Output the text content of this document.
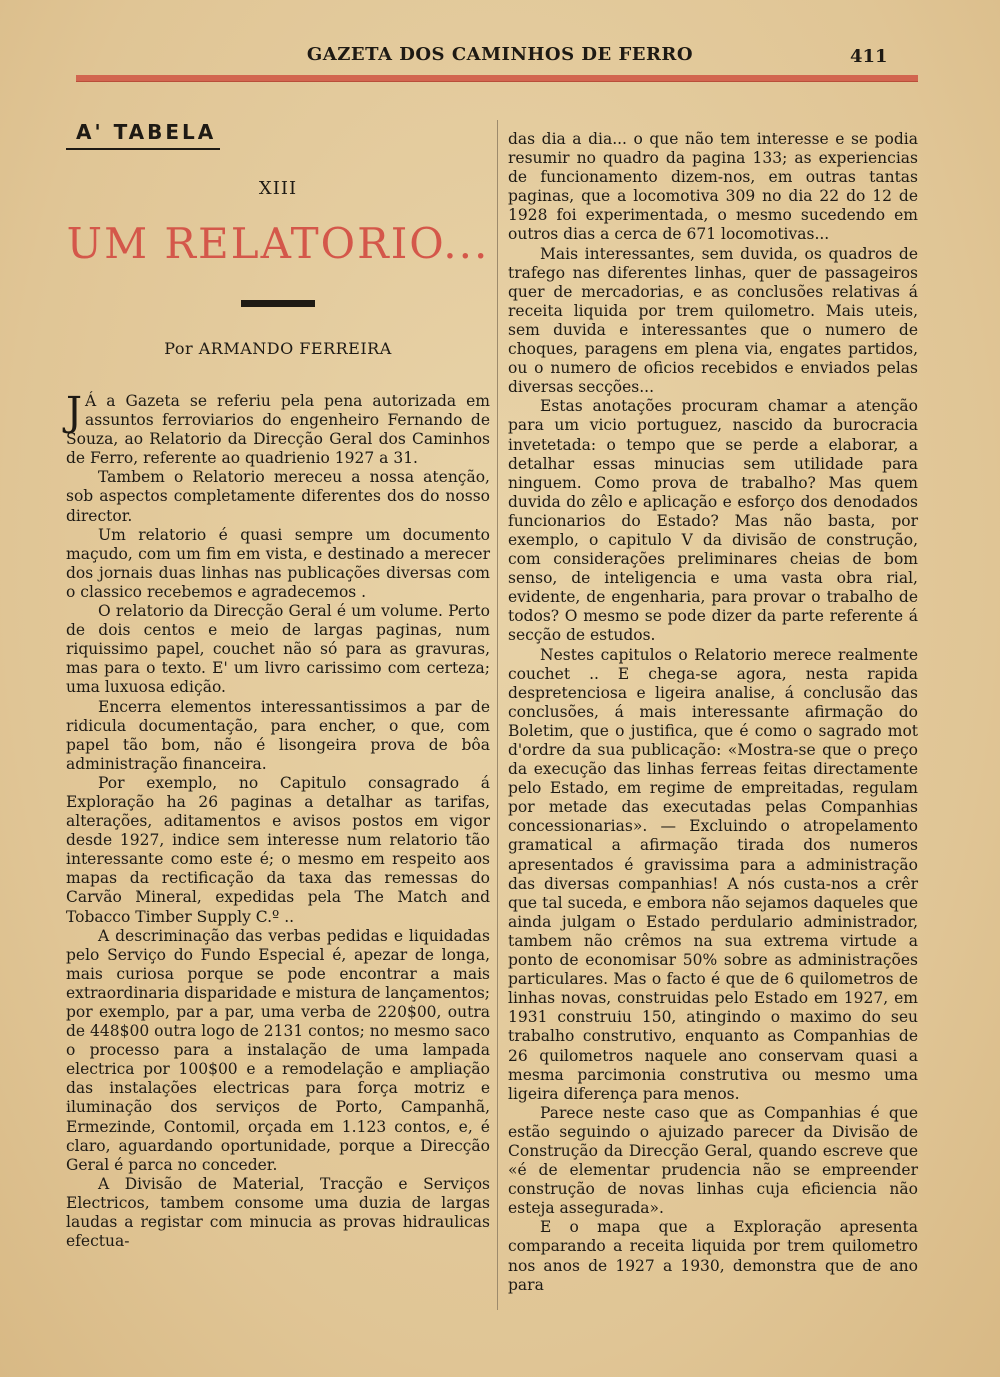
GAZETA DOS CAMINHOS DE FERRO	411
A' TABELA
XIII
UM RELATORIO...
Por ARMANDO FERREIRA

J Á a Gazeta se referiu pela pena autorizada em assuntos ferroviarios do engenheiro Fernando de Souza, ao Relatorio da Direcção Geral dos Caminhos de Ferro, referente ao quadrienio 1927 a 31.

Tambem o Relatorio mereceu a nossa atenção, sob aspectos completamente diferentes dos do nosso director.

Um relatorio é quasi sempre um documento maçudo, com um fim em vista, e destinado a merecer dos jornais duas linhas nas publicações diversas com o classico recebemos e agradecemos .

O relatorio da Direcção Geral é um volume. Perto de dois centos e meio de largas paginas, num riquissimo papel, couchet não só para as gravuras, mas para o texto. E' um livro carissimo com certeza; uma luxuosa edição.

Encerra elementos interessantissimos a par de ridicula documentação, para encher, o que, com papel tão bom, não é lisongeira prova de bôa administração financeira.

Por exemplo, no Capitulo consagrado á Exploração ha 26 paginas a detalhar as tarifas, alterações, aditamentos e avisos postos em vigor desde 1927, indice sem interesse num relatorio tão interessante como este é; o mesmo em respeito aos mapas da rectificação da taxa das remessas do Carvão Mineral, expedidas pela The Match and Tobacco Timber Supply C.º ..

A descriminação das verbas pedidas e liquidadas pelo Serviço do Fundo Especial é, apezar de longa, mais curiosa porque se pode encontrar a mais extraordinaria disparidade e mistura de lançamentos; por exemplo, par a par, uma verba de 220$00, outra de 448$00 outra logo de 2131 contos; no mesmo saco o processo para a instalação de uma lampada electrica por 100$00 e a remodelação e ampliação das instalações electricas para força motriz e iluminação dos serviços de Porto, Campanhã, Ermezinde, Contomil, orçada em 1.123 contos, e, é claro, aguardando oportunidade, porque a Direcção Geral é parca no conceder.

A Divisão de Material, Tracção e Serviços Electricos, tambem consome uma duzia de largas laudas a registar com minucia as provas hidraulicas efectua-

das dia a dia... o que não tem interesse e se podia resumir no quadro da pagina 133; as experiencias de funcionamento dizem-nos, em outras tantas paginas, que a locomotiva 309 no dia 22 do 12 de 1928 foi experimentada, o mesmo sucedendo em outros dias a cerca de 671 locomotivas...

Mais interessantes, sem duvida, os quadros de trafego nas diferentes linhas, quer de passageiros quer de mercadorias, e as conclusões relativas á receita liquida por trem quilometro. Mais uteis, sem duvida e interessantes que o numero de choques, paragens em plena via, engates partidos, ou o numero de oficios recebidos e enviados pelas diversas secções...

Estas anotações procuram chamar a atenção para um vicio portuguez, nascido da burocracia invetetada: o tempo que se perde a elaborar, a detalhar essas minucias sem utilidade para ninguem. Como prova de trabalho? Mas quem duvida do zêlo e aplicação e esforço dos denodados funcionarios do Estado? Mas não basta, por exemplo, o capitulo V da divisão de construção, com considerações preliminares cheias de bom senso, de inteligencia e uma vasta obra rial, evidente, de engenharia, para provar o trabalho de todos? O mesmo se pode dizer da parte referente á secção de estudos.

Nestes capitulos o Relatorio merece realmente couchet .. E chega-se agora, nesta rapida despretenciosa e ligeira analise, á conclusão das conclusões, á mais interessante afirmação do Boletim, que o justifica, que é como o sagrado mot d'ordre da sua publicação: «Mostra-se que o preço da execução das linhas ferreas feitas directamente pelo Estado, em regime de empreitadas, regulam por metade das executadas pelas Companhias concessionarias». — Excluindo o atropelamento gramatical a afirmação tirada dos numeros apresentados é gravissima para a administração das diversas companhias! A nós custa-nos a crêr que tal suceda, e embora não sejamos daqueles que ainda julgam o Estado perdulario administrador, tambem não crêmos na sua extrema virtude a ponto de economisar 50% sobre as administrações particulares. Mas o facto é que de 6 quilometros de linhas novas, construidas pelo Estado em 1927, em 1931 construiu 150, atingindo o maximo do seu trabalho construtivo, enquanto as Companhias de 26 quilometros naquele ano conservam quasi a mesma parcimonia construtiva ou mesmo uma ligeira diferença para menos.

Parece neste caso que as Companhias é que estão seguindo o ajuizado parecer da Divisão de Construção da Direcção Geral, quando escreve que «é de elementar prudencia não se empreender construção de novas linhas cuja eficiencia não esteja assegurada».

E o mapa que a Exploração apresenta comparando a receita liquida por trem quilometro nos anos de 1927 a 1930, demonstra que de ano para
